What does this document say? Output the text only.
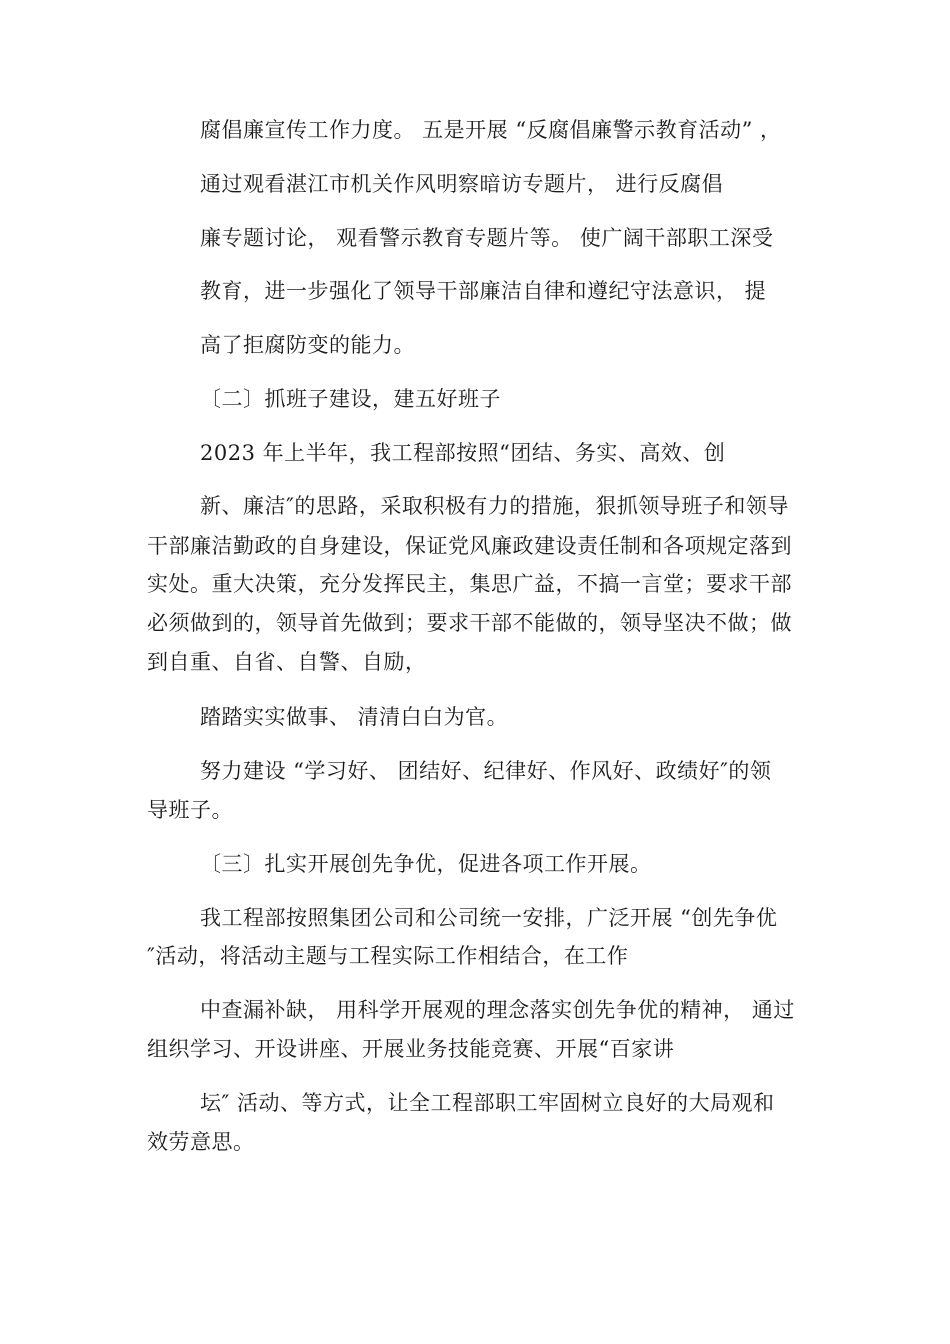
腐倡廉宣传工作力度。 五是开展 “反腐倡廉警示教育活动” ，
通过观看湛江市机关作风明察暗访专题片， 进行反腐倡
廉专题讨论， 观看警示教育专题片等。 使广阔干部职工深受
教育，进一步强化了领导干部廉洁自律和遵纪守法意识， 提
高了拒腐防变的能力。
〔二〕抓班子建设，建五好班子
2023 年上半年，我工程部按照“团结、务实、高效、创
新、廉洁″的思路，采取积极有力的措施，狠抓领导班子和领导
干部廉洁勤政的自身建设，保证党风廉政建设责任制和各项规定落到
实处。重大决策，充分发挥民主，集思广益，不搞一言堂；要求干部
必须做到的，领导首先做到；要求干部不能做的，领导坚决不做；做
到自重、自省、自警、自励，
踏踏实实做事、 清清白白为官。
努力建设 “学习好、 团结好、纪律好、作风好、政绩好″的领
导班子。
〔三〕扎实开展创先争优，促进各项工作开展。
我工程部按照集团公司和公司统一安排，广泛开展 “创先争优
″活动，将活动主题与工程实际工作相结合，在工作
中查漏补缺， 用科学开展观的理念落实创先争优的精神， 通过
组织学习、开设讲座、开展业务技能竞赛、开展“百家讲
坛″ 活动、等方式，让全工程部职工牢固树立良好的大局观和
效劳意思。
